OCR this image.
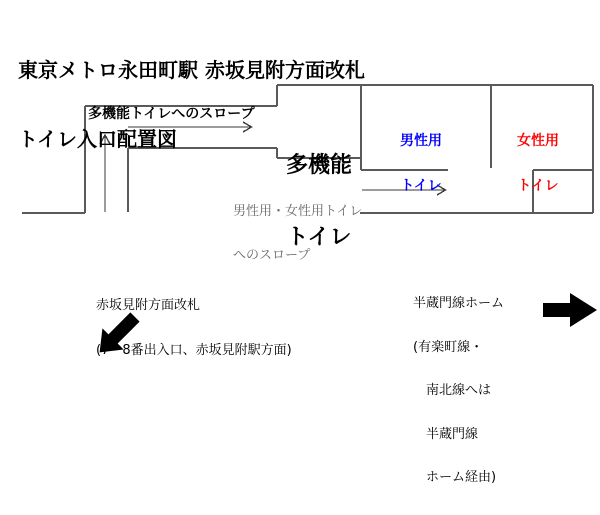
東京メトロ永田町駅 赤坂見附方面改札

トイレ入口配置図

多機能トイレへのスロープ

多機能

トイレ

男性用

トイレ

女性用

トイレ

男性用・女性用トイレ

へのスロープ

赤坂見附方面改札

(7・8番出入口、赤坂見附駅方面)

半蔵門線ホーム

(有楽町線・

　南北線へは

　半蔵門線

　ホーム経由)
